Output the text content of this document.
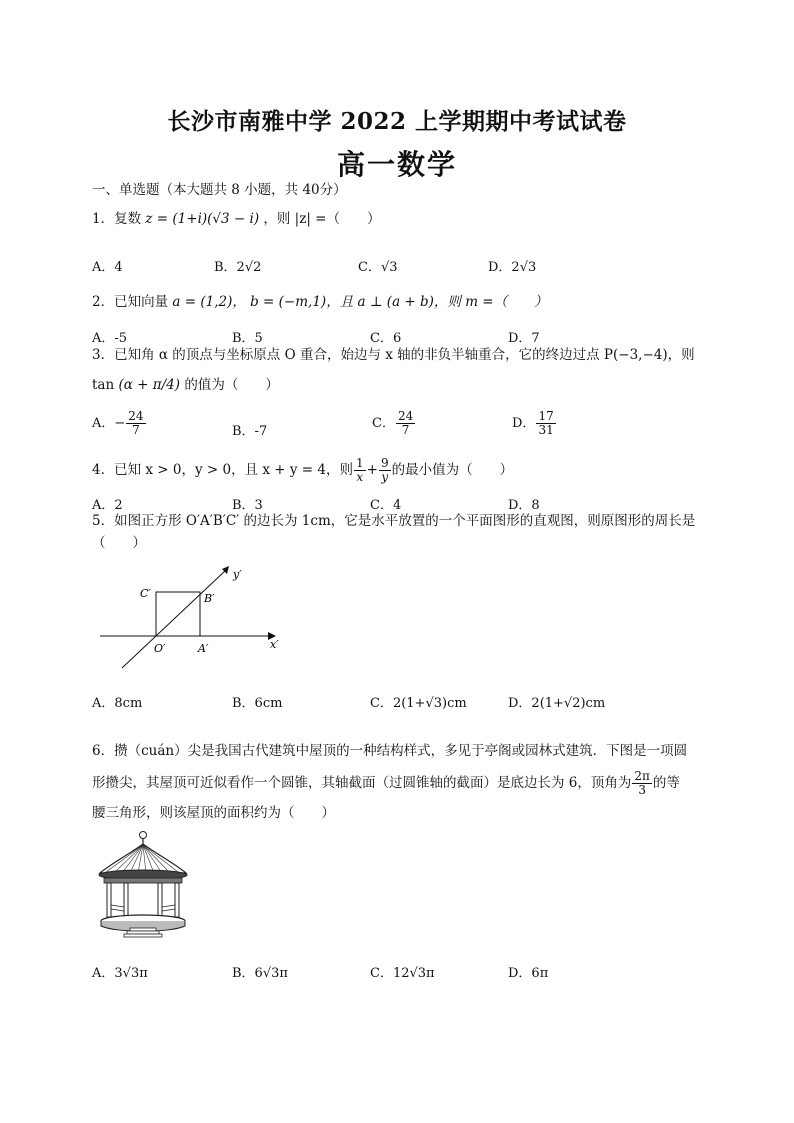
长沙市南雅中学 2022 上学期期中考试试卷
高一数学
一、单选题（本大题共 8 小题，共 40分）
1．复数 z = (1+i)(√3 − i) ，则 |z| =（　　）
A．4	B．2√2	C．√3	D．2√3
2．已知向量 a = (1,2)， b = (−m,1)，且 a ⊥ (a + b)，则 m =（　　）
A．-5	B．5	C．6	D．7
3．已知角 α 的顶点与坐标原点 O 重合，始边与 x 轴的非负半轴重合，它的终边过点 P(−3,−4)，则
tan (α + π/4) 的值为（　　）
A．− $\frac{24}{7}$	B．-7
C． $\frac{24}{7}$	D． $\frac{17}{31}$
4．已知 x > 0，y > 0，且 x + y = 4，则 $\frac{1}{x} + \frac{9}{y}$ 的最小值为（　　）
A．2	B．3	C．4	D．8
5．如图正方形 O′A′B′C′ 的边长为 1cm，它是水平放置的一个平面图形的直观图，则原图形的周长是
（　　）
y′
x′
O′	A′
B′
C′
A．8cm	B．6cm	C．2(1+√3)cm	D．2(1+√2)cm
6．攒（cuán）尖是我国古代建筑中屋顶的一种结构样式，多见于亭阁或园林式建筑．下图是一项圆
形攒尖，其屋顶可近似看作一个圆锥，其轴截面（过圆锥轴的截面）是底边长为 6，顶角为 $\frac{2\pi}{3}$ 的等
腰三角形，则该屋顶的面积约为（　　）
A．3√3π	B．6√3π	C．12√3π	D．6π
